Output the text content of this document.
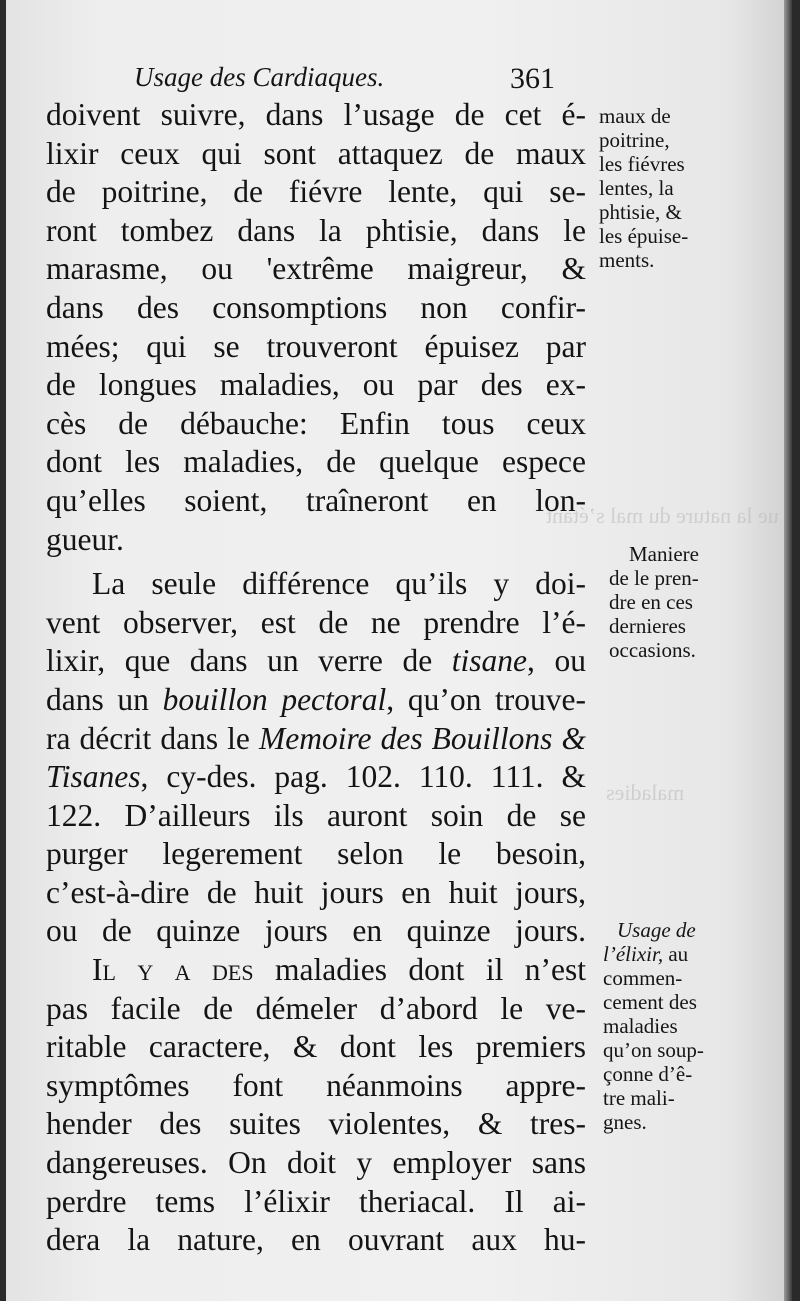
ue la nature du mal s’étant
maladies
Usage des Cardiaques.	361
doivent suivre, dans l’usage de cet é-
lixir ceux qui sont attaquez de maux
de poitrine, de fiévre lente, qui se-
ront tombez dans la phtisie, dans le
marasme, ou 'extrême maigreur, &
dans des consomptions non confir-
mées; qui se trouveront épuisez par
de longues maladies, ou par des ex-
cès de débauche: Enfin tous ceux
dont les maladies, de quelque espece
qu’elles soient, traîneront en lon-
gueur.
La seule différence qu’ils y doi-
vent observer, est de ne prendre l’é-
lixir, que dans un verre de tisane, ou
dans un bouillon pectoral, qu’on trouve-
ra décrit dans le Memoire des Bouillons &
Tisanes, cy-des. pag. 102. 110. 111. &
122. D’ailleurs ils auront soin de se
purger legerement selon le besoin,
c’est-à-dire de huit jours en huit jours,
ou de quinze jours en quinze jours.
Il y a des maladies dont il n’est
pas facile de démeler d’abord le ve-
ritable caractere, & dont les premiers
symptômes font néanmoins appre-
hender des suites violentes, & tres-
dangereuses. On doit y employer sans
perdre tems l’élixir theriacal. Il ai-
dera la nature, en ouvrant aux hu-
maux de
poitrine,
les fiévres
lentes, la
phtisie, &
les épuise-
ments.
Maniere
de le pren-
dre en ces
dernieres
occasions.
Usage de
l’élixir, au
commen-
cement des
maladies
qu’on soup-
çonne d’ê-
tre mali-
gnes.
